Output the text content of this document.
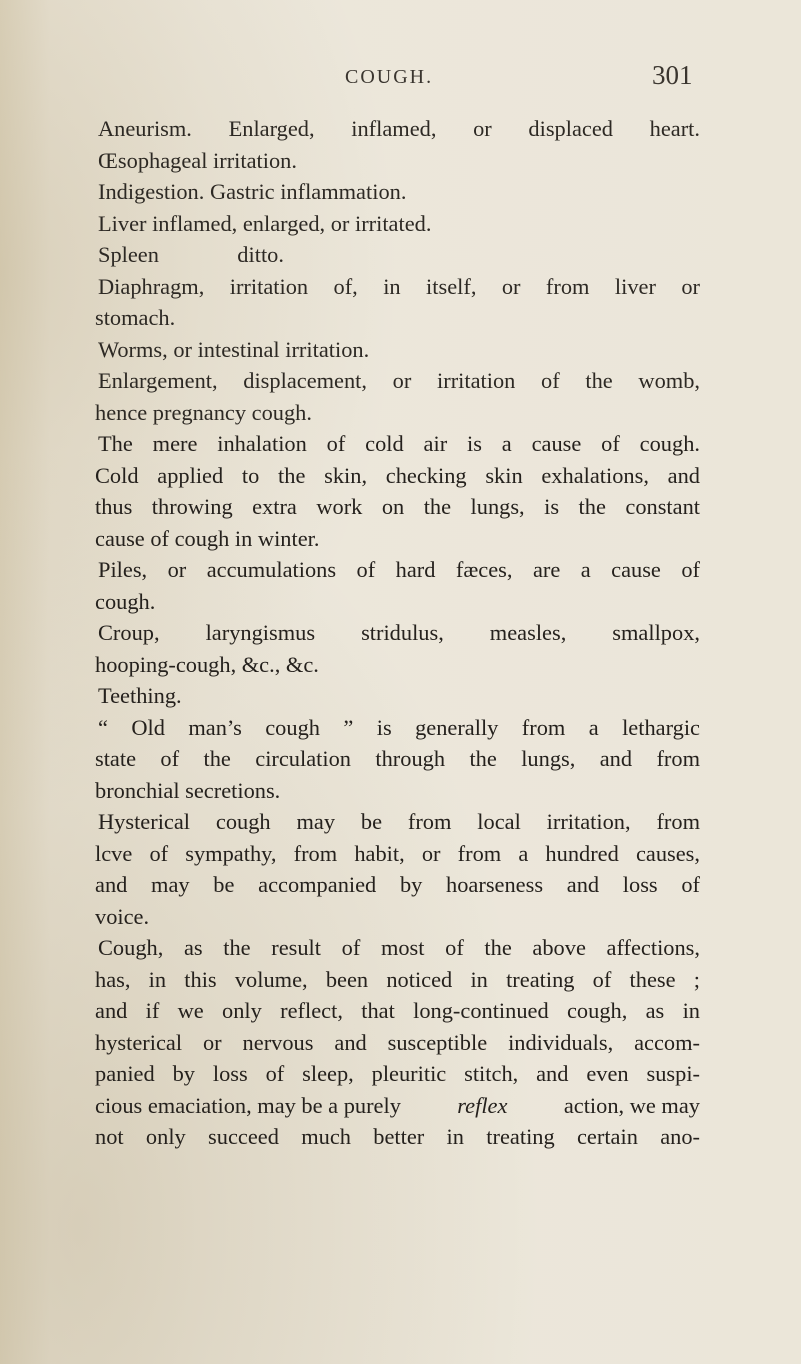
COUGH.	301
Aneurism. Enlarged, inflamed, or displaced heart.
Œsophageal irritation.
Indigestion. Gastric inflammation.
Liver inflamed, enlarged, or irritated.
Spleen              ditto.
Diaphragm, irritation of, in itself, or from liver or
stomach.
Worms, or intestinal irritation.
Enlargement, displacement, or irritation of the womb,
hence pregnancy cough.
The mere inhalation of cold air is a cause of cough.
Cold applied to the skin, checking skin exhalations, and
thus throwing extra work on the lungs, is the constant
cause of cough in winter.
Piles, or accumulations of hard fæces, are a cause of
cough.
Croup, laryngismus stridulus, measles, smallpox,
hooping-cough, &c., &c.
Teething.
“ Old man’s cough ” is generally from a lethargic
state of the circulation through the lungs, and from
bronchial secretions.
Hysterical cough may be from local irritation, from
lcve of sympathy, from habit, or from a hundred causes,
and may be accompanied by hoarseness and loss of
voice.
Cough, as the result of most of the above affections,
has, in this volume, been noticed in treating of these ;
and if we only reflect, that long-continued cough, as in
hysterical or nervous and susceptible individuals, accom-
panied by loss of sleep, pleuritic stitch, and even suspi-
cious emaciation, may be a purely	reflex	action, we may
not only succeed much better in treating certain ano-
